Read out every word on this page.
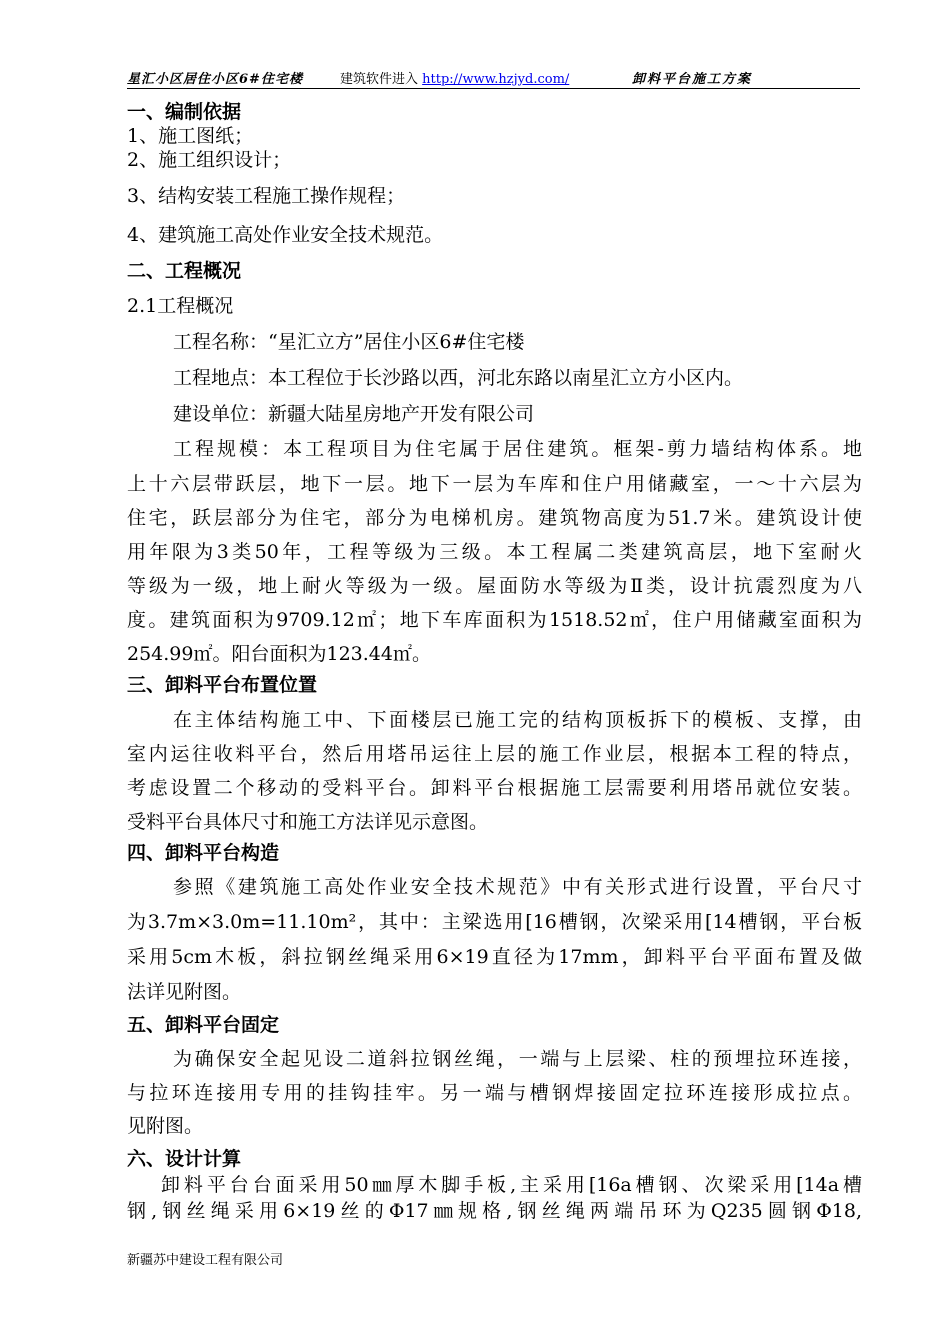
星汇小区居住小区6#住宅楼	建筑软件进入 http://www.hzjyd.com/	卸料平台施工方案
一、编制依据
1、施工图纸；
2、施工组织设计；
3、结构安装工程施工操作规程；
4、建筑施工高处作业安全技术规范。
二、工程概况
2.1工程概况
工程名称：“星汇立方”居住小区6#住宅楼
工程地点：本工程位于长沙路以西，河北东路以南星汇立方小区内。
建设单位：新疆大陆星房地产开发有限公司
工程规模：本工程项目为住宅属于居住建筑。框架-剪力墙结构体系。地
上十六层带跃层，地下一层。地下一层为车库和住户用储藏室，一～十六层为
住宅，跃层部分为住宅，部分为电梯机房。建筑物高度为51.7米。建筑设计使
用年限为3类50年，工程等级为三级。本工程属二类建筑高层，地下室耐火
等级为一级，地上耐火等级为一级。屋面防水等级为Ⅱ类，设计抗震烈度为八
度。建筑面积为9709.12㎡；地下车库面积为1518.52㎡，住户用储藏室面积为
254.99㎡。阳台面积为123.44㎡。
三、卸料平台布置位置
在主体结构施工中、下面楼层已施工完的结构顶板拆下的模板、支撑，由
室内运往收料平台，然后用塔吊运往上层的施工作业层，根据本工程的特点，
考虑设置二个移动的受料平台。卸料平台根据施工层需要利用塔吊就位安装。
受料平台具体尺寸和施工方法详见示意图。
四、卸料平台构造
参照《建筑施工高处作业安全技术规范》中有关形式进行设置，平台尺寸
为3.7m×3.0m=11.10m²，其中：主梁选用[16槽钢，次梁采用[14槽钢，平台板
采用5cm木板，斜拉钢丝绳采用6×19直径为17mm，卸料平台平面布置及做
法详见附图。
五、卸料平台固定
为确保安全起见设二道斜拉钢丝绳，一端与上层梁、柱的预埋拉环连接，
与拉环连接用专用的挂钩挂牢。另一端与槽钢焊接固定拉环连接形成拉点。
见附图。
六、设计计算
卸料平台台面采用50㎜厚木脚手板,主采用[16a槽钢、次梁采用[14a槽
钢,钢丝绳采用6×19丝的Φ17㎜规格,钢丝绳两端吊环为Q235圆钢Φ18,
新疆苏中建设工程有限公司
